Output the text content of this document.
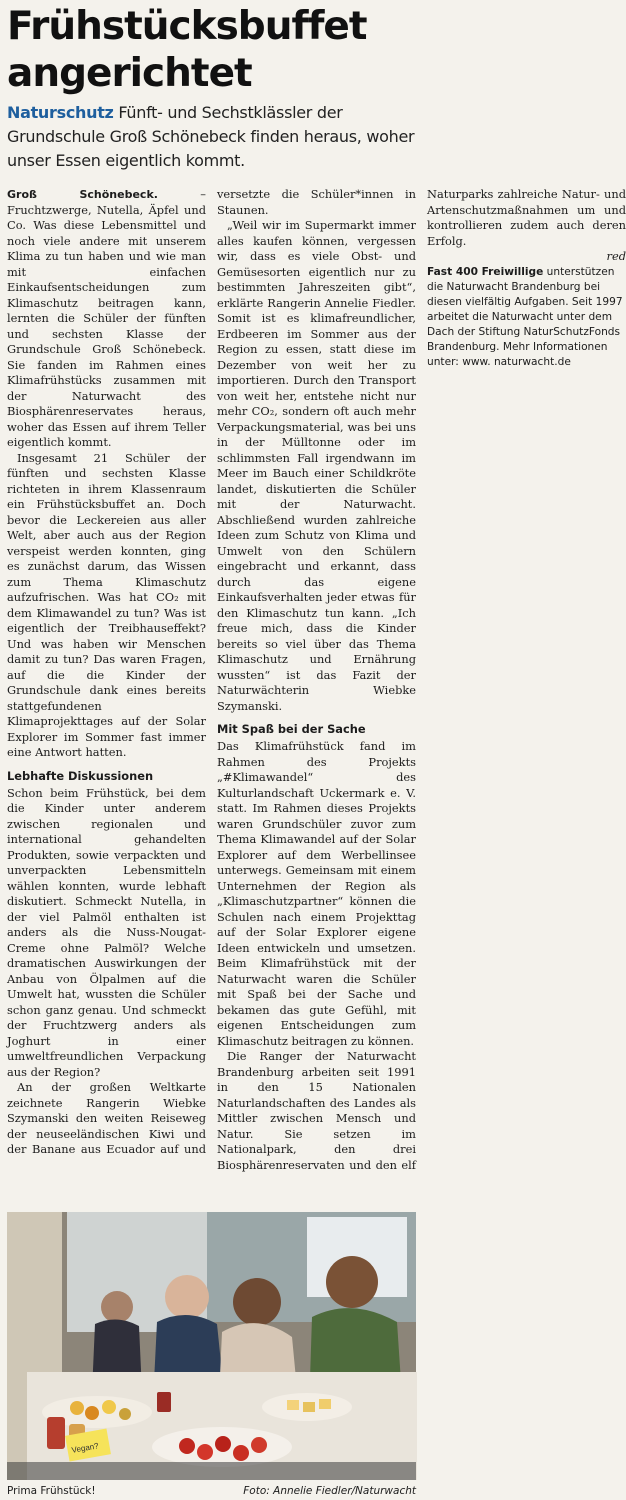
Frühstücksbuffet
angerichtet

Naturschutz Fünft- und Sechstklässler der Grundschule Groß Schönebeck finden heraus, woher unser Essen eigentlich kommt.

Groß Schönebeck. – Fruchtzwerge, Nutella, Äpfel und Co. Was diese Lebensmittel und noch viele andere mit unserem Klima zu tun haben und wie man mit einfachen Einkaufsentscheidungen zum Klimaschutz beitragen kann, lernten die Schüler der fünften und sechsten Klasse der Grundschule Groß Schönebeck. Sie fanden im Rahmen eines Klimafrühstücks zusammen mit der Naturwacht des Biosphärenreservates heraus, woher das Essen auf ihrem Teller eigentlich kommt.

Insgesamt 21 Schüler der fünften und sechsten Klasse richteten in ihrem Klassenraum ein Frühstücksbuffet an. Doch bevor die Leckereien aus aller Welt, aber auch aus der Region verspeist werden konnten, ging es zunächst darum, das Wissen zum Thema Klimaschutz aufzufrischen. Was hat CO₂ mit dem Klimawandel zu tun? Was ist eigentlich der Treibhauseffekt? Und was haben wir Menschen damit zu tun? Das waren Fragen, auf die die Kinder der Grundschule dank eines bereits stattgefundenen Klimaprojekttages auf der Solar Explorer im Sommer fast immer eine Antwort hatten.

Lebhafte Diskussionen

Schon beim Frühstück, bei dem die Kinder unter anderem zwischen regionalen und international gehandelten Produkten, sowie verpackten und unverpackten Lebensmitteln wählen konnten, wurde lebhaft diskutiert. Schmeckt Nutella, in der viel Palmöl enthalten ist anders als die Nuss-Nougat-Creme ohne Palmöl? Welche dramatischen Auswirkungen der Anbau von Ölpalmen auf die Umwelt hat, wussten die Schüler schon ganz genau. Und schmeckt der Fruchtzwerg anders als Joghurt in einer umweltfreundlichen Verpackung aus der Region?

An der großen Weltkarte zeichnete Rangerin Wiebke Szymanski den weiten Reiseweg der neuseeländischen Kiwi und der Banane aus Ecuador auf und versetzte die Schüler*innen in Staunen.

„Weil wir im Supermarkt immer alles kaufen können, vergessen wir, dass es viele Obst- und Gemüsesorten eigentlich nur zu bestimmten Jahreszeiten gibt“, erklärte Rangerin Annelie Fiedler. Somit ist es klimafreundlicher, Erdbeeren im Sommer aus der Region zu essen, statt diese im Dezember von weit her zu importieren. Durch den Transport von weit her, entstehe nicht nur mehr CO₂, sondern oft auch mehr Verpackungsmaterial, was bei uns in der Mülltonne oder im schlimmsten Fall irgendwann im Meer im Bauch einer Schildkröte landet, diskutierten die Schüler mit der Naturwacht. Abschließend wurden zahlreiche Ideen zum Schutz von Klima und Umwelt von den Schülern eingebracht und erkannt, dass durch das eigene Einkaufsverhalten jeder etwas für den Klimaschutz tun kann. „Ich freue mich, dass die Kinder bereits so viel über das Thema Klimaschutz und Ernährung wussten“ ist das Fazit der Naturwächterin Wiebke Szymanski.

Mit Spaß bei der Sache

Das Klimafrühstück fand im Rahmen des Projekts „#Klimawandel“ des Kulturlandschaft Uckermark e. V. statt. Im Rahmen dieses Projekts waren Grundschüler zuvor zum Thema Klimawandel auf der Solar Explorer auf dem Werbellinsee unterwegs. Gemeinsam mit einem Unternehmen der Region als „Klimaschutzpartner“ können die Schulen nach einem Projekttag auf der Solar Explorer eigene Ideen entwickeln und umsetzen. Beim Klimafrühstück mit der Naturwacht waren die Schüler mit Spaß bei der Sache und bekamen das gute Gefühl, mit eigenen Entscheidungen zum Klimaschutz beitragen zu können.

Die Ranger der Naturwacht Brandenburg arbeiten seit 1991 in den 15 Nationalen Naturlandschaften des Landes als Mittler zwischen Mensch und Natur. Sie setzen im Nationalpark, den drei Biosphärenreservaten und den elf Naturparks zahlreiche Natur- und Artenschutzmaßnahmen um und kontrollieren zudem auch deren Erfolg.

red

Fast 400 Freiwillige unterstützen die Naturwacht Brandenburg bei diesen vielfältig Aufgaben. Seit 1997 arbeitet die Naturwacht unter dem Dach der Stiftung NaturSchutzFonds Brandenburg. Mehr Informationen unter: www. naturwacht.de

Vegan?
Prima Frühstück!	Foto: Annelie Fiedler/Naturwacht
